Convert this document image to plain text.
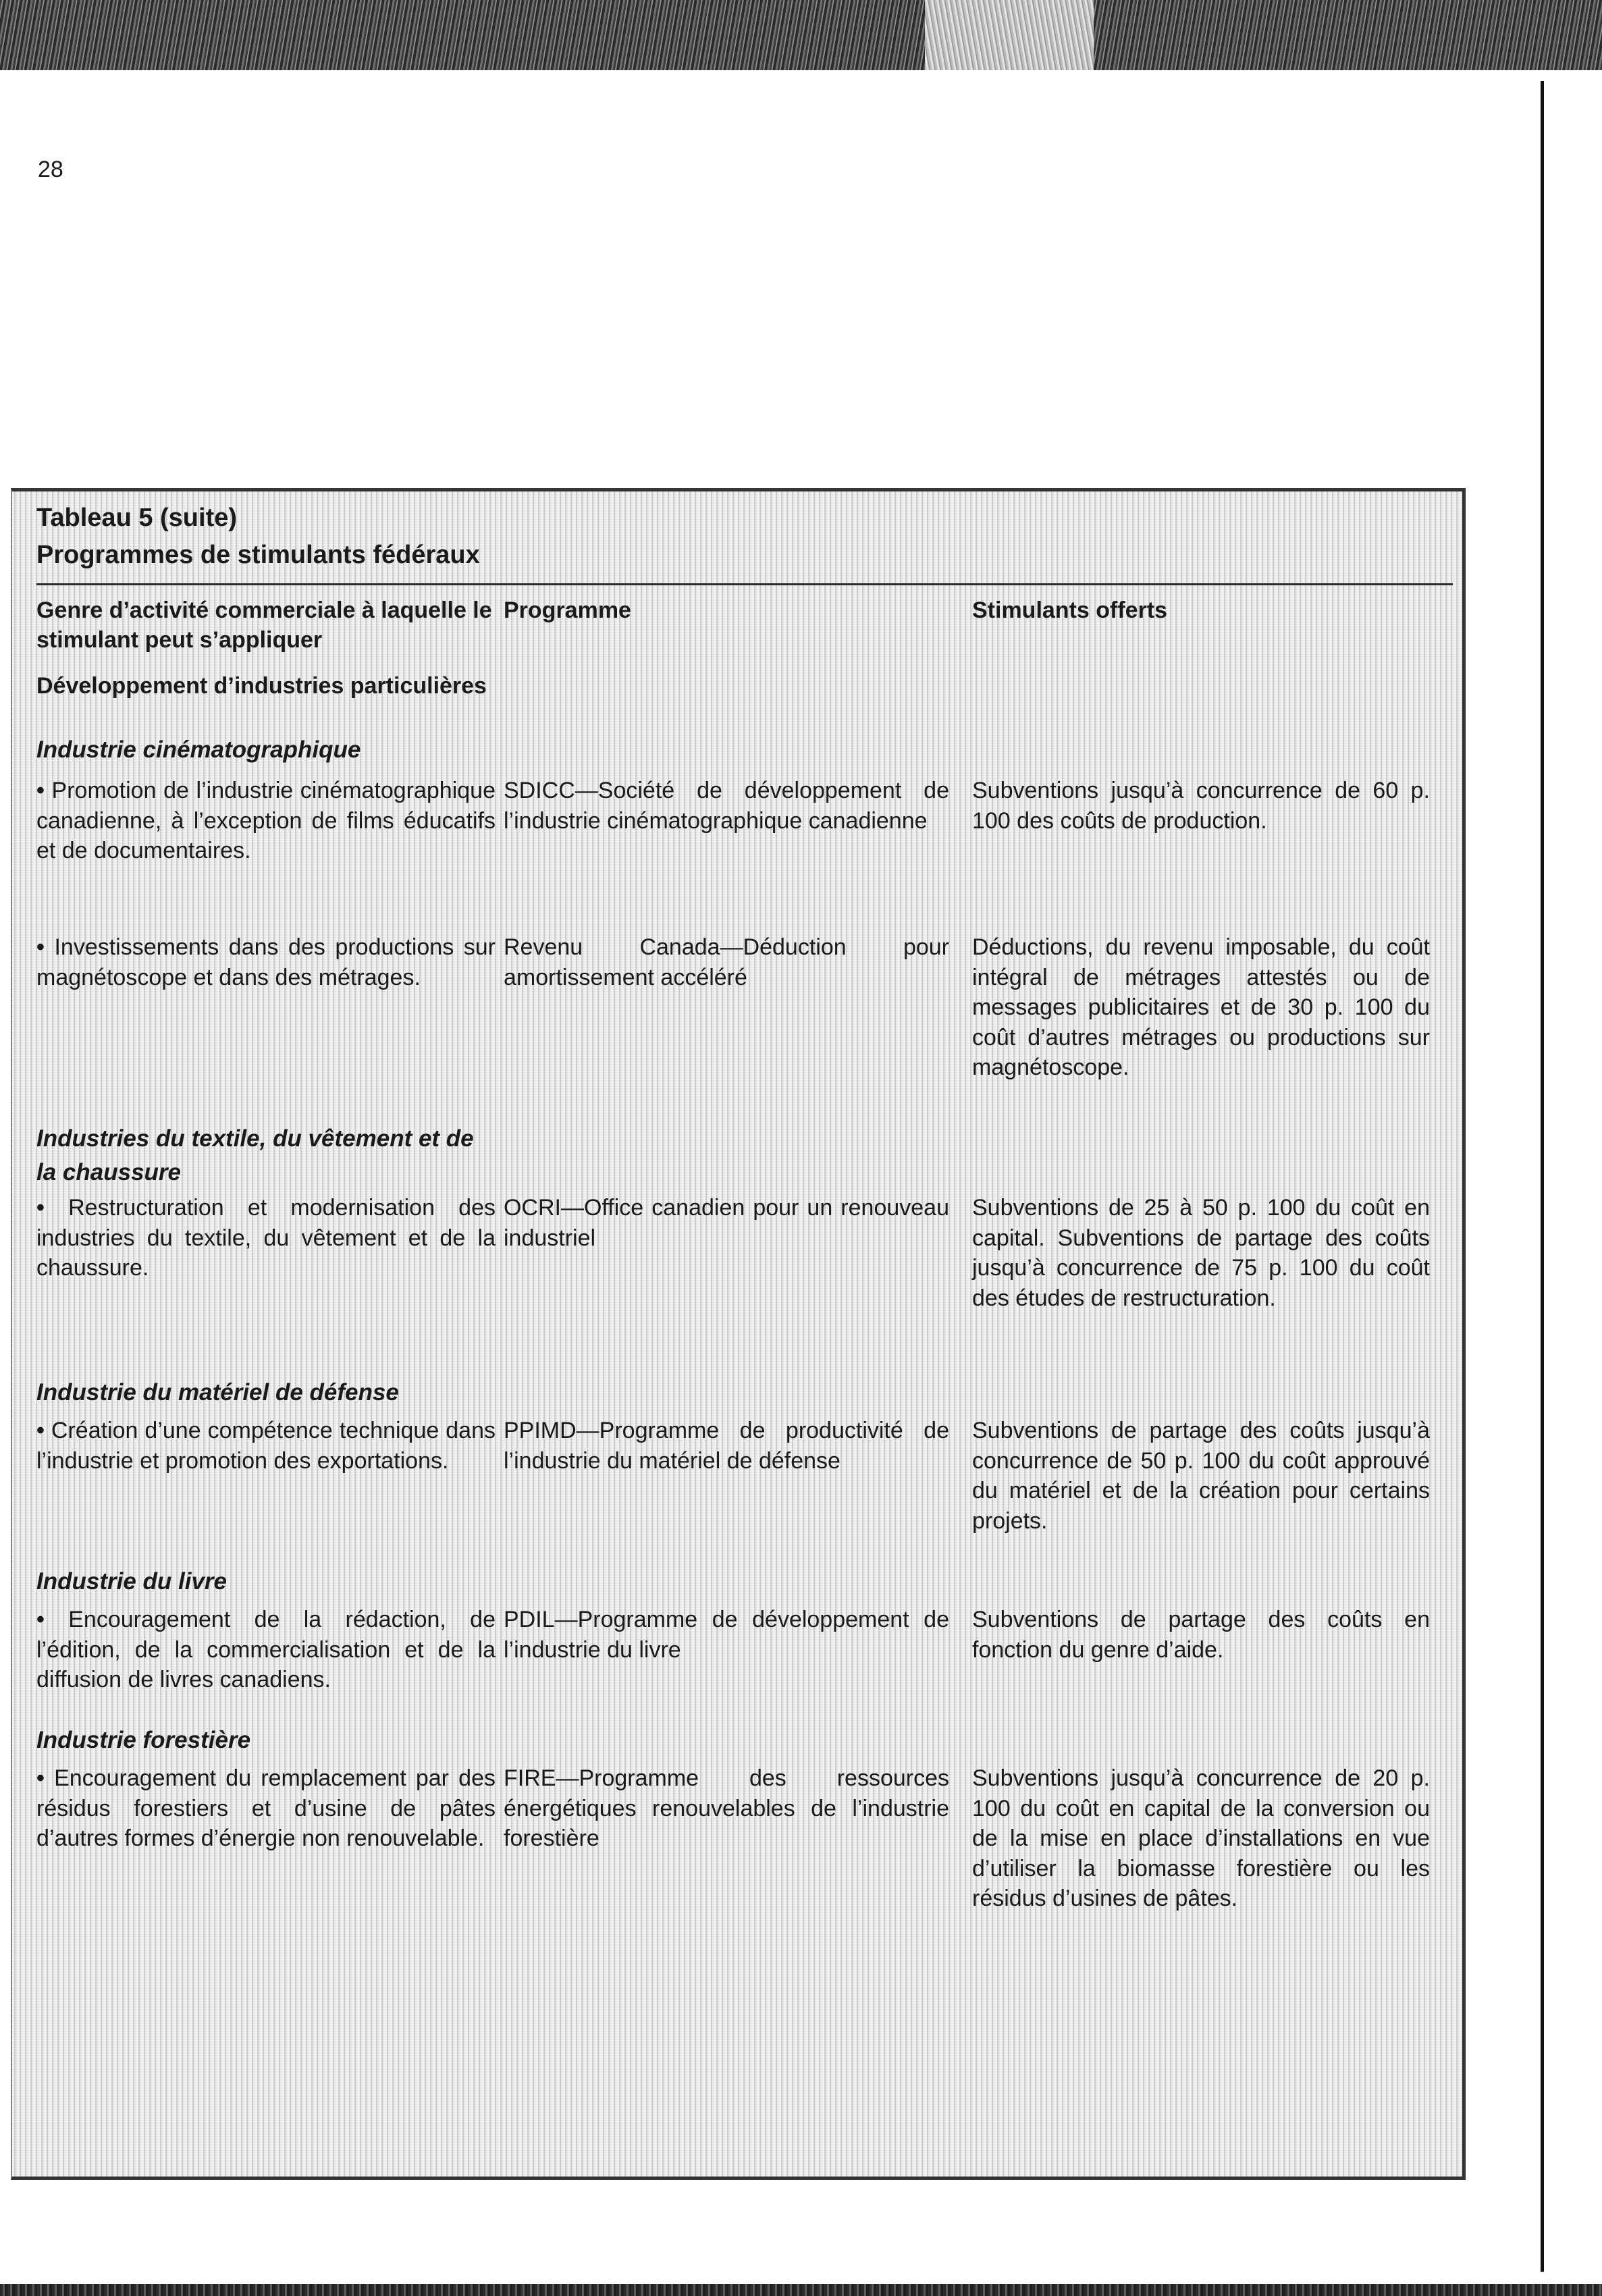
28
Tableau 5 (suite)
Programmes de stimulants fédéraux
Genre d’activité commerciale à laquelle le stimulant peut s’appliquer
Programme	Stimulants offerts
Développement d’industries particulières
Industrie cinématographique
• Promotion de l’industrie cinématographique canadienne, à l’exception de films éducatifs et de documentaires.
SDICC—Société de développement de l’industrie cinématographique canadienne
Subventions jusqu’à concurrence de 60 p. 100 des coûts de production.
• Investissements dans des productions sur magnétoscope et dans des métrages.
Revenu Canada—Déduction pour amortissement accéléré
Déductions, du revenu imposable, du coût intégral de métrages attestés ou de messages publicitaires et de 30 p. 100 du coût d’autres métrages ou productions sur magnétoscope.
Industries du textile, du vêtement et de la chaussure
• Restructuration et modernisation des industries du textile, du vêtement et de la chaussure.
OCRI—Office canadien pour un renouveau industriel
Subventions de 25 à 50 p. 100 du coût en capital. Subventions de partage des coûts jusqu’à concurrence de 75 p. 100 du coût des études de restructuration.
Industrie du matériel de défense
• Création d’une compétence technique dans l’industrie et promotion des exportations.
PPIMD—Programme de productivité de l’industrie du matériel de défense
Subventions de partage des coûts jusqu’à concurrence de 50 p. 100 du coût approuvé du matériel et de la création pour certains projets.
Industrie du livre
• Encouragement de la rédaction, de l’édition, de la commercialisation et de la diffusion de livres canadiens.
PDIL—Programme de développement de l’industrie du livre
Subventions de partage des coûts en fonction du genre d’aide.
Industrie forestière
• Encouragement du remplacement par des résidus forestiers et d’usine de pâtes d’autres formes d’énergie non renouvelable.
FIRE—Programme des ressources énergétiques renouvelables de l’industrie forestière
Subventions jusqu’à concurrence de 20 p. 100 du coût en capital de la conversion ou de la mise en place d’installations en vue d’utiliser la biomasse forestière ou les résidus d’usines de pâtes.
